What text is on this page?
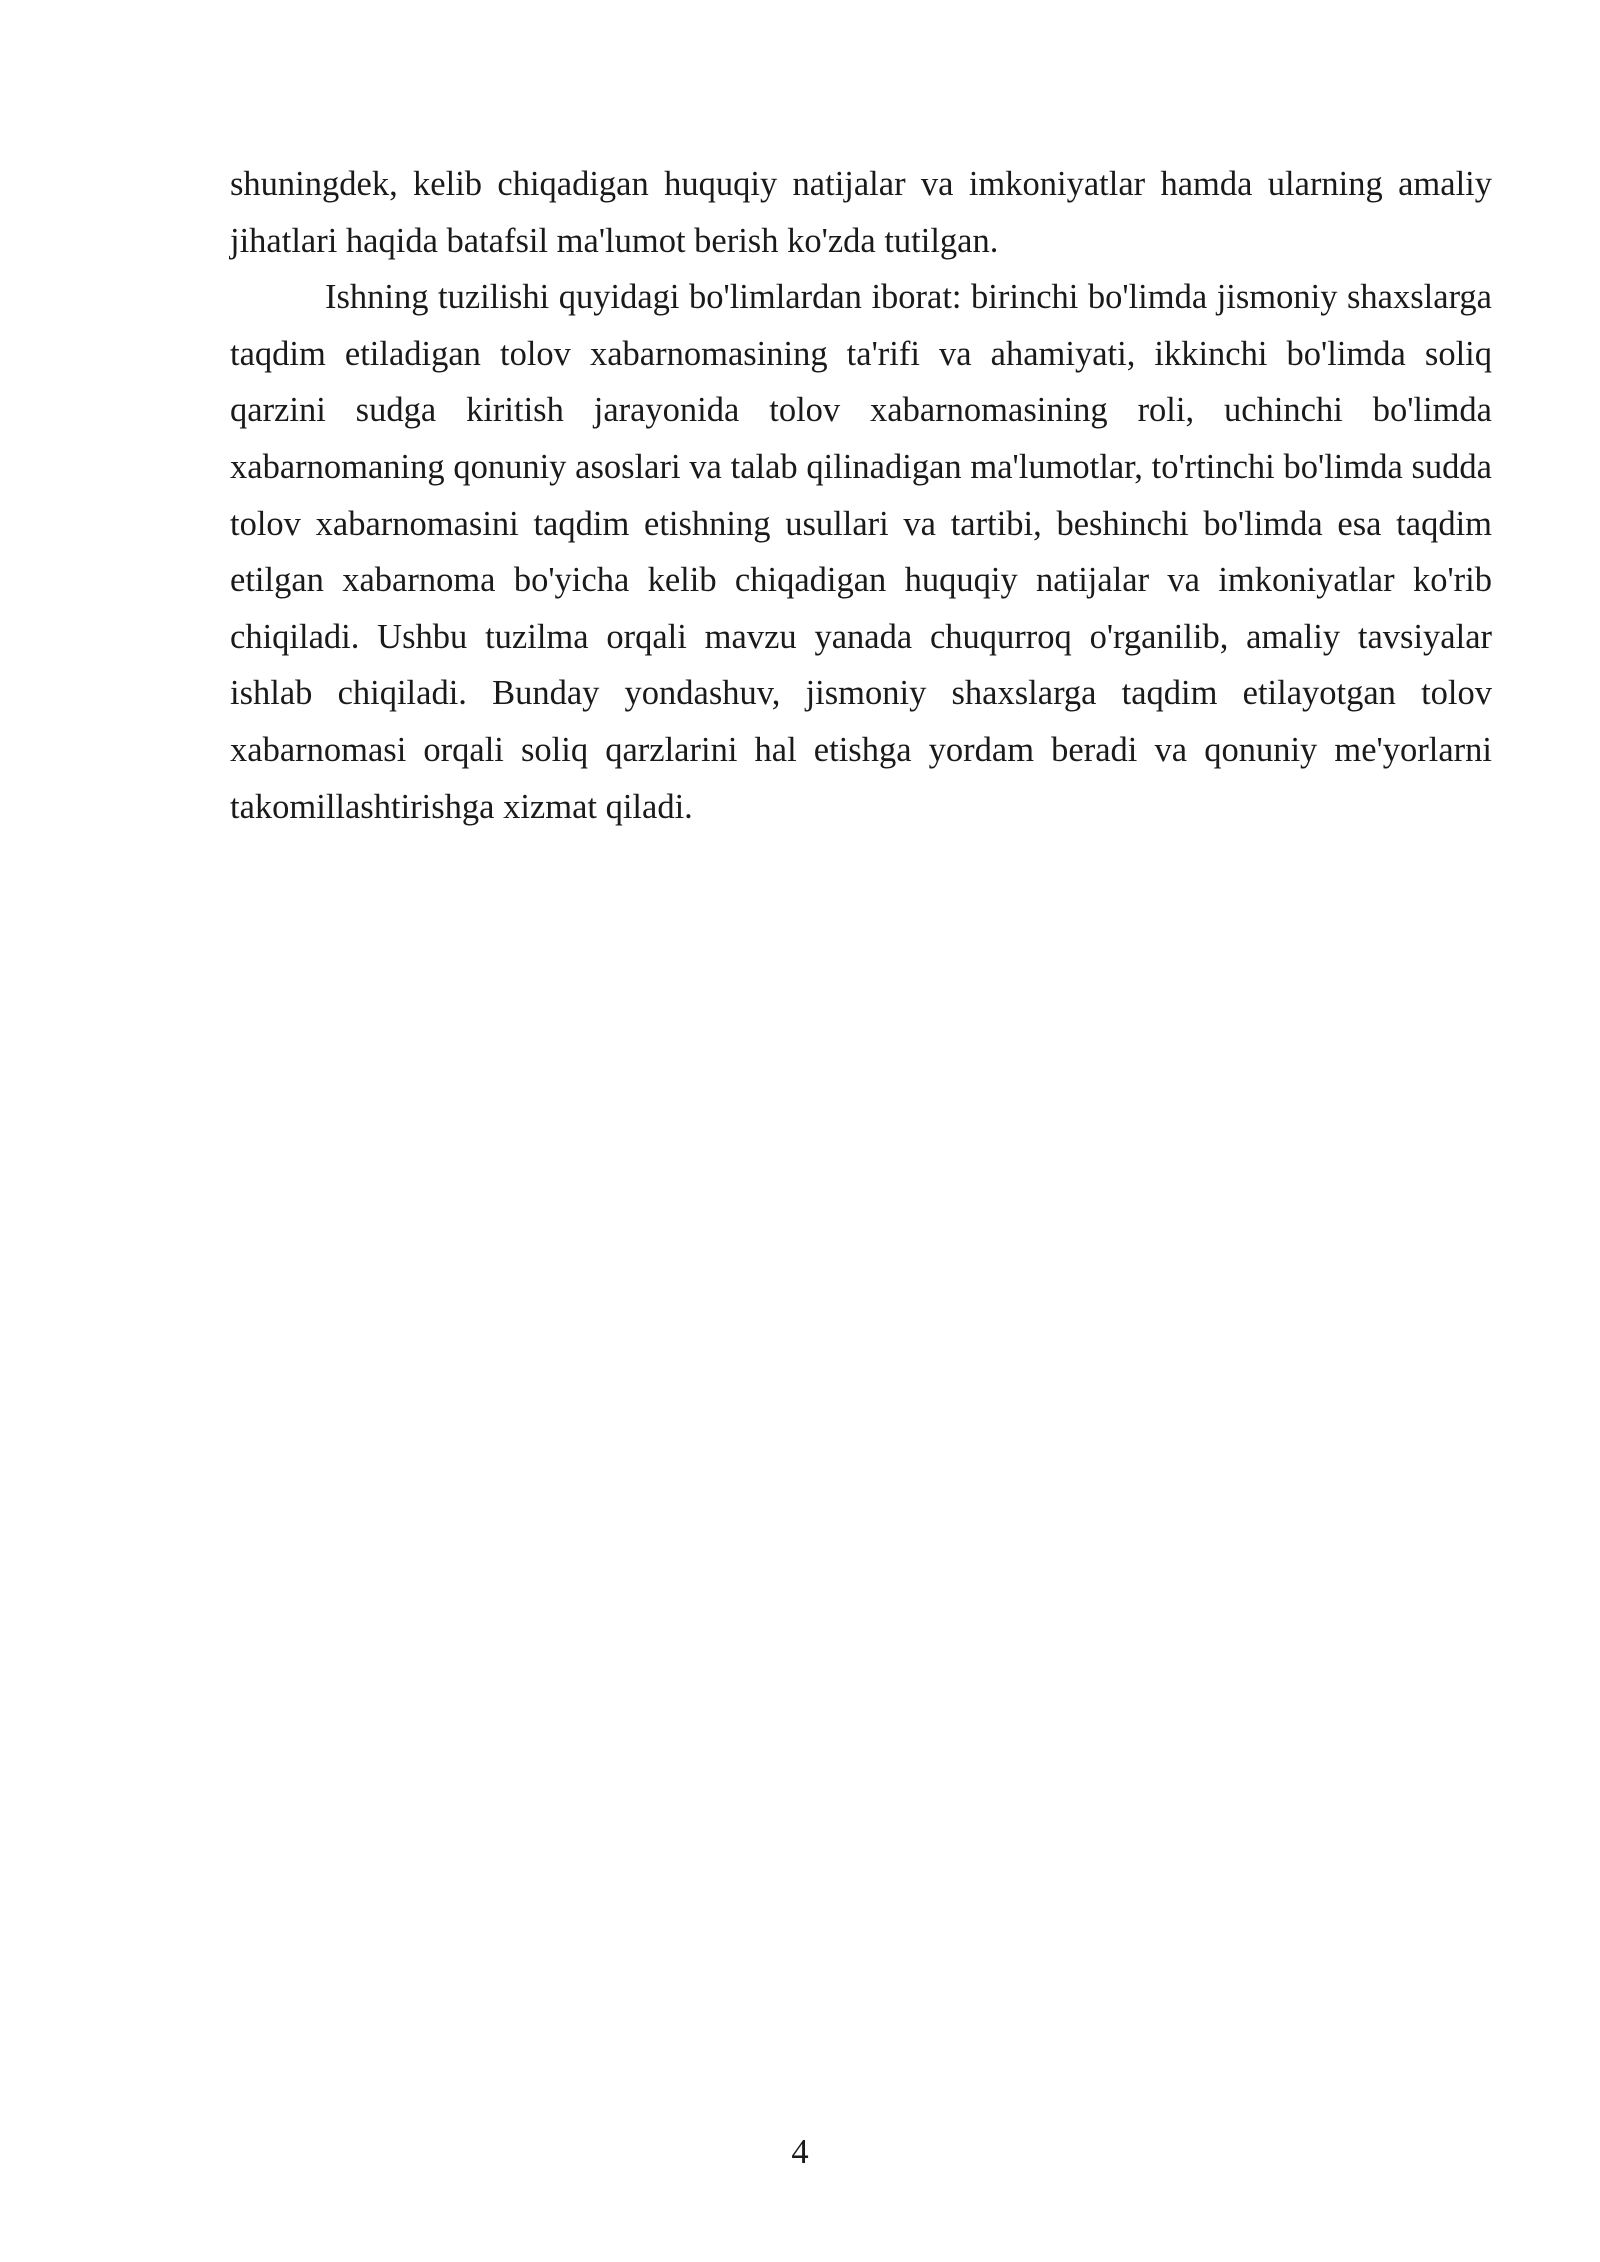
shuningdek, kelib chiqadigan huquqiy natijalar va imkoniyatlar hamda ularning amaliy jihatlari haqida batafsil ma'lumot berish ko'zda tutilgan.

Ishning tuzilishi quyidagi bo'limlardan iborat: birinchi bo'limda jismoniy shaxslarga taqdim etiladigan tolov xabarnomasining ta'rifi va ahamiyati, ikkinchi bo'limda soliq qarzini sudga kiritish jarayonida tolov xabarnomasining roli, uchinchi bo'limda xabarnomaning qonuniy asoslari va talab qilinadigan ma'lumotlar, to'rtinchi bo'limda sudda tolov xabarnomasini taqdim etishning usullari va tartibi, beshinchi bo'limda esa taqdim etilgan xabarnoma bo'yicha kelib chiqadigan huquqiy natijalar va imkoniyatlar ko'rib chiqiladi. Ushbu tuzilma orqali mavzu yanada chuqurroq o'rganilib, amaliy tavsiyalar ishlab chiqiladi. Bunday yondashuv, jismoniy shaxslarga taqdim etilayotgan tolov xabarnomasi orqali soliq qarzlarini hal etishga yordam beradi va qonuniy me'yorlarni takomillashtirishga xizmat qiladi.

4
